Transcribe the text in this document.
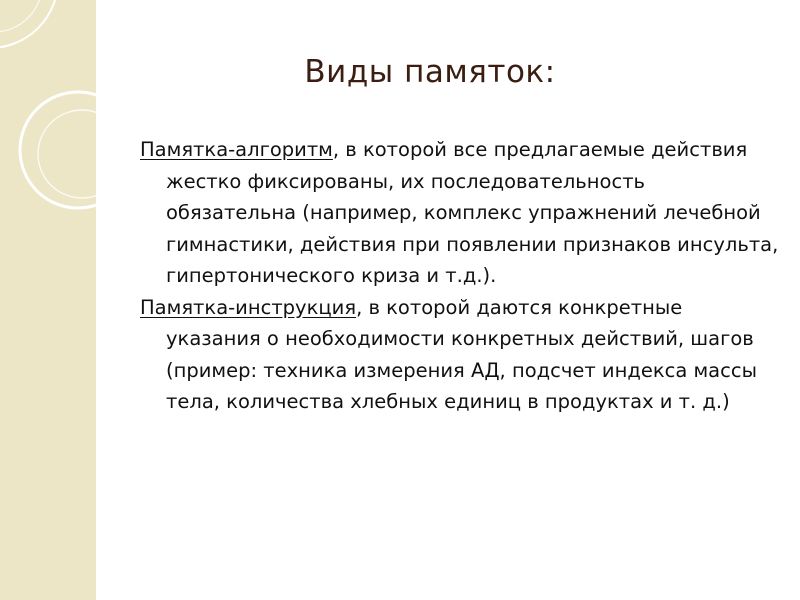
Виды памяток:

Памятка-алгоритм, в которой все предлагаемые действия жестко фиксированы, их последовательность обязательна (например, комплекс упражнений лечебной гимнастики, действия при появлении признаков инсульта, гипертонического криза и т.д.).

Памятка-инструкция, в которой даются конкретные указания о необходимости конкретных действий, шагов (пример: техника измерения АД, подсчет индекса массы тела, количества хлебных единиц в продуктах и т. д.)
